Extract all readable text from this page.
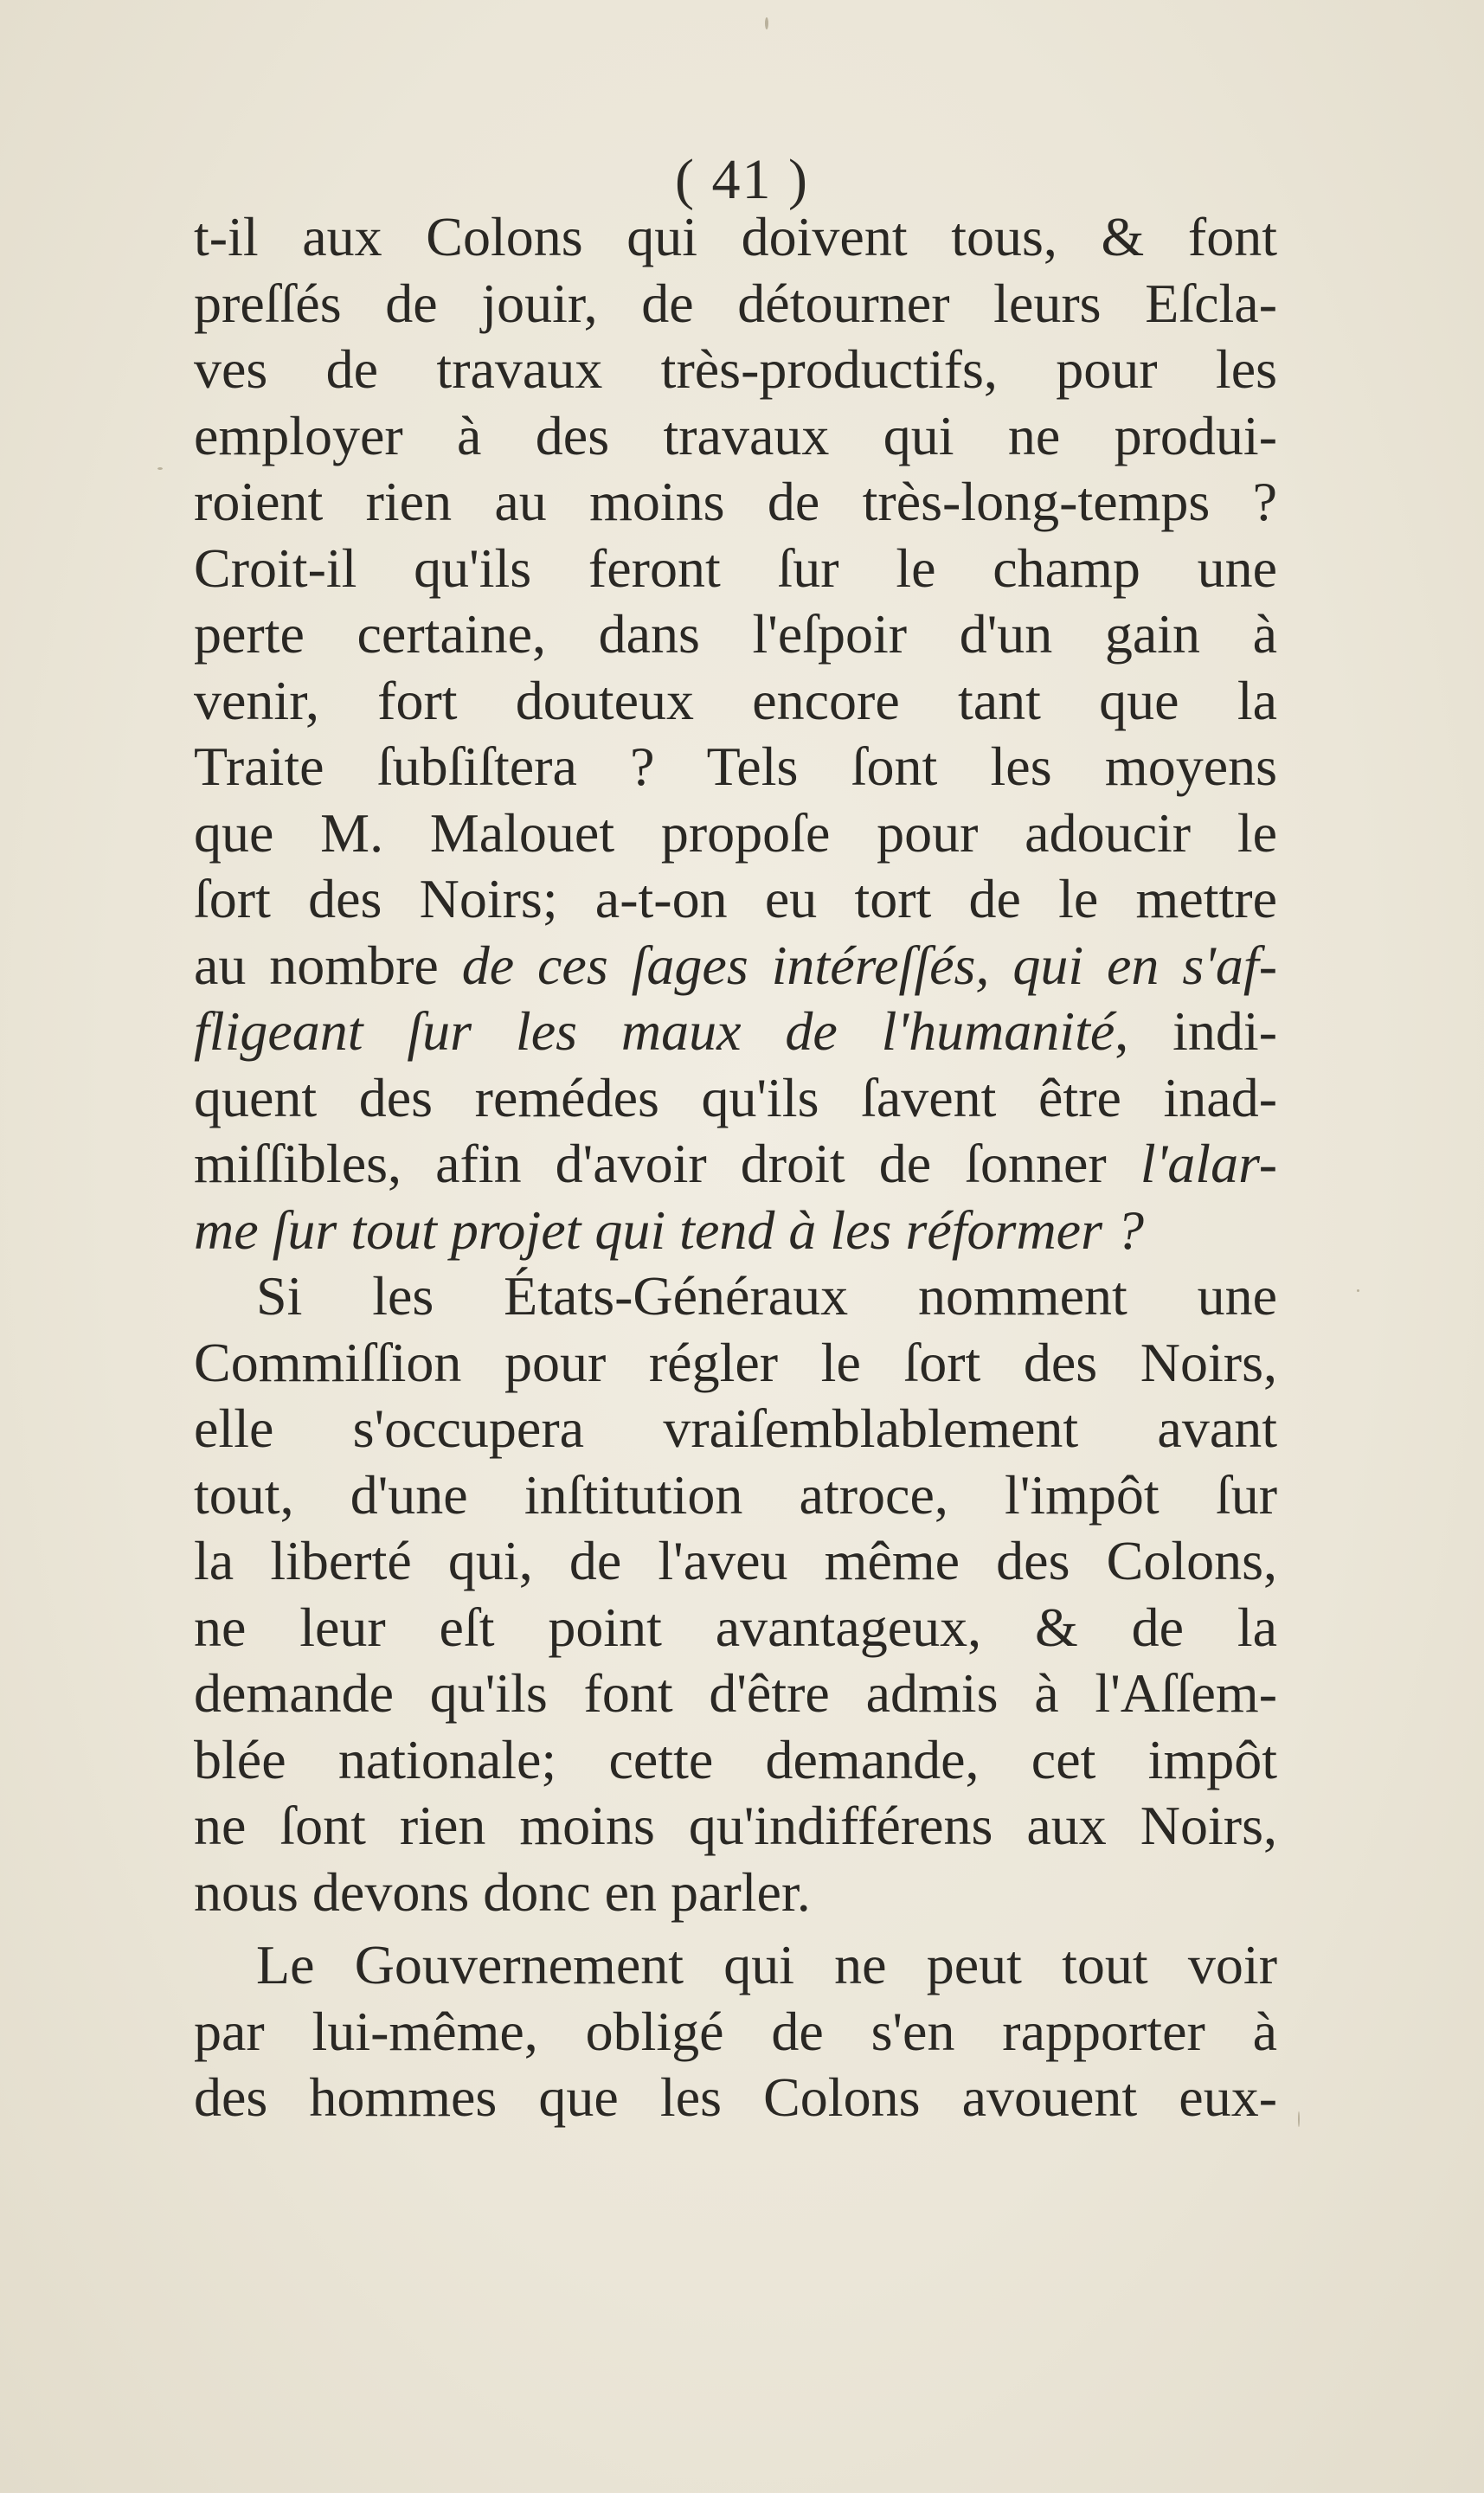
( 41 )
t-il aux Colons qui doivent tous, & font
preſſés de jouir, de détourner leurs Eſcla-
ves de travaux très-productifs, pour les
employer à des travaux qui ne produi-
roient rien au moins de très-long-temps ?
Croit-il qu'ils feront ſur le champ une
perte certaine, dans l'eſpoir d'un gain à
venir, fort douteux encore tant que la
Traite ſubſiſtera ? Tels ſont les moyens
que M. Malouet propoſe pour adoucir le
ſort des Noirs; a-t-on eu tort de le mettre
au nombre de ces ſages intéreſſés, qui en s'af-
fligeant ſur les maux de l'humanité, indi-
quent des remédes qu'ils ſavent être inad-
miſſibles, afin d'avoir droit de ſonner l'alar-
me ſur tout projet qui tend à les réformer ?
Si les États-Généraux nomment une
Commiſſion pour régler le ſort des Noirs,
elle s'occupera vraiſemblablement avant
tout, d'une inſtitution atroce, l'impôt ſur
la liberté qui, de l'aveu même des Colons,
ne leur eſt point avantageux, & de la
demande qu'ils font d'être admis à l'Aſſem-
blée nationale; cette demande, cet impôt
ne ſont rien moins qu'indifférens aux Noirs,
nous devons donc en parler.
Le Gouvernement qui ne peut tout voir
par lui-même, obligé de s'en rapporter à
des hommes que les Colons avouent eux-
